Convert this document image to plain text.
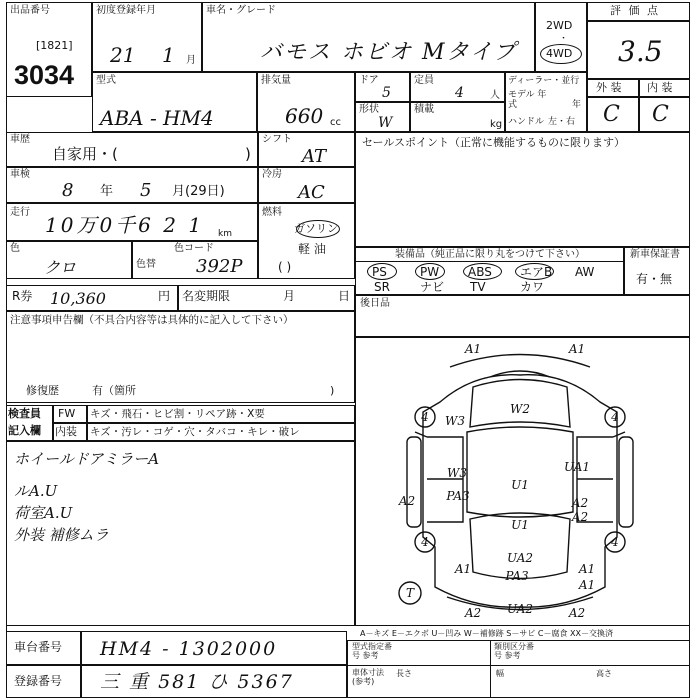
出品番号
[1821]
3034
初度登録年月
21 1 月
車名・グレード
バモス ホビオ Mタイプ
2WD
・
4WD
評 価 点
3.5
型式
ABA - HM4
排気量
660 cc
ドア
5
定員
4	人
形状
W
積載
kg
ディーラー・並行
モデル 年式	年
ハンドル 左・右
外 装
C
内 装
C
車歴
自家用・(	)
シフト
AT
車検
8 年 5 月(29日)
冷房
AC
走行
10万0千6 2 1 km
燃料
ガソリン
軽 油
( )
色
クロ
色コード
色替 392P
セールスポイント（正常に機能するものに限ります）
装備品（純正品に限り丸をつけて下さい）
PS	PW ABS エアB AW
SR	ナビ TV	カワ
新車保証書
有・無
R券 10,360	円 名変期限	月	日
後日品
注意事項申告欄（不具合内容等は具体的に記入して下さい）
修復歴	有（箇所	)
検査員
記入欄
FW キズ・飛石・ヒビ割・リペア跡・X要
内装 キズ・汚レ・コゲ・穴・タバコ・キレ・破レ
ホイールドアミラーA
ルA.U
荷室A.U
外装 補修ムラ
A1	A1
W2
W3
4	4
UA1
W3
U1
A2	A2
PA3
A2
U1
A1
4	4
A1
UA2
PA3
A1
T
A2 UA2	A2
A－キズ E－エクボ U－凹み W－補修跡 S－サビ C－腐食 XX－交換済
車台番号 HM4 - 1302000
登録番号 三 重 581 ひ 5367
型式指定番号 参考
類別区分番号 参考
車体寸法(参考)
長さ	幅	高さ
